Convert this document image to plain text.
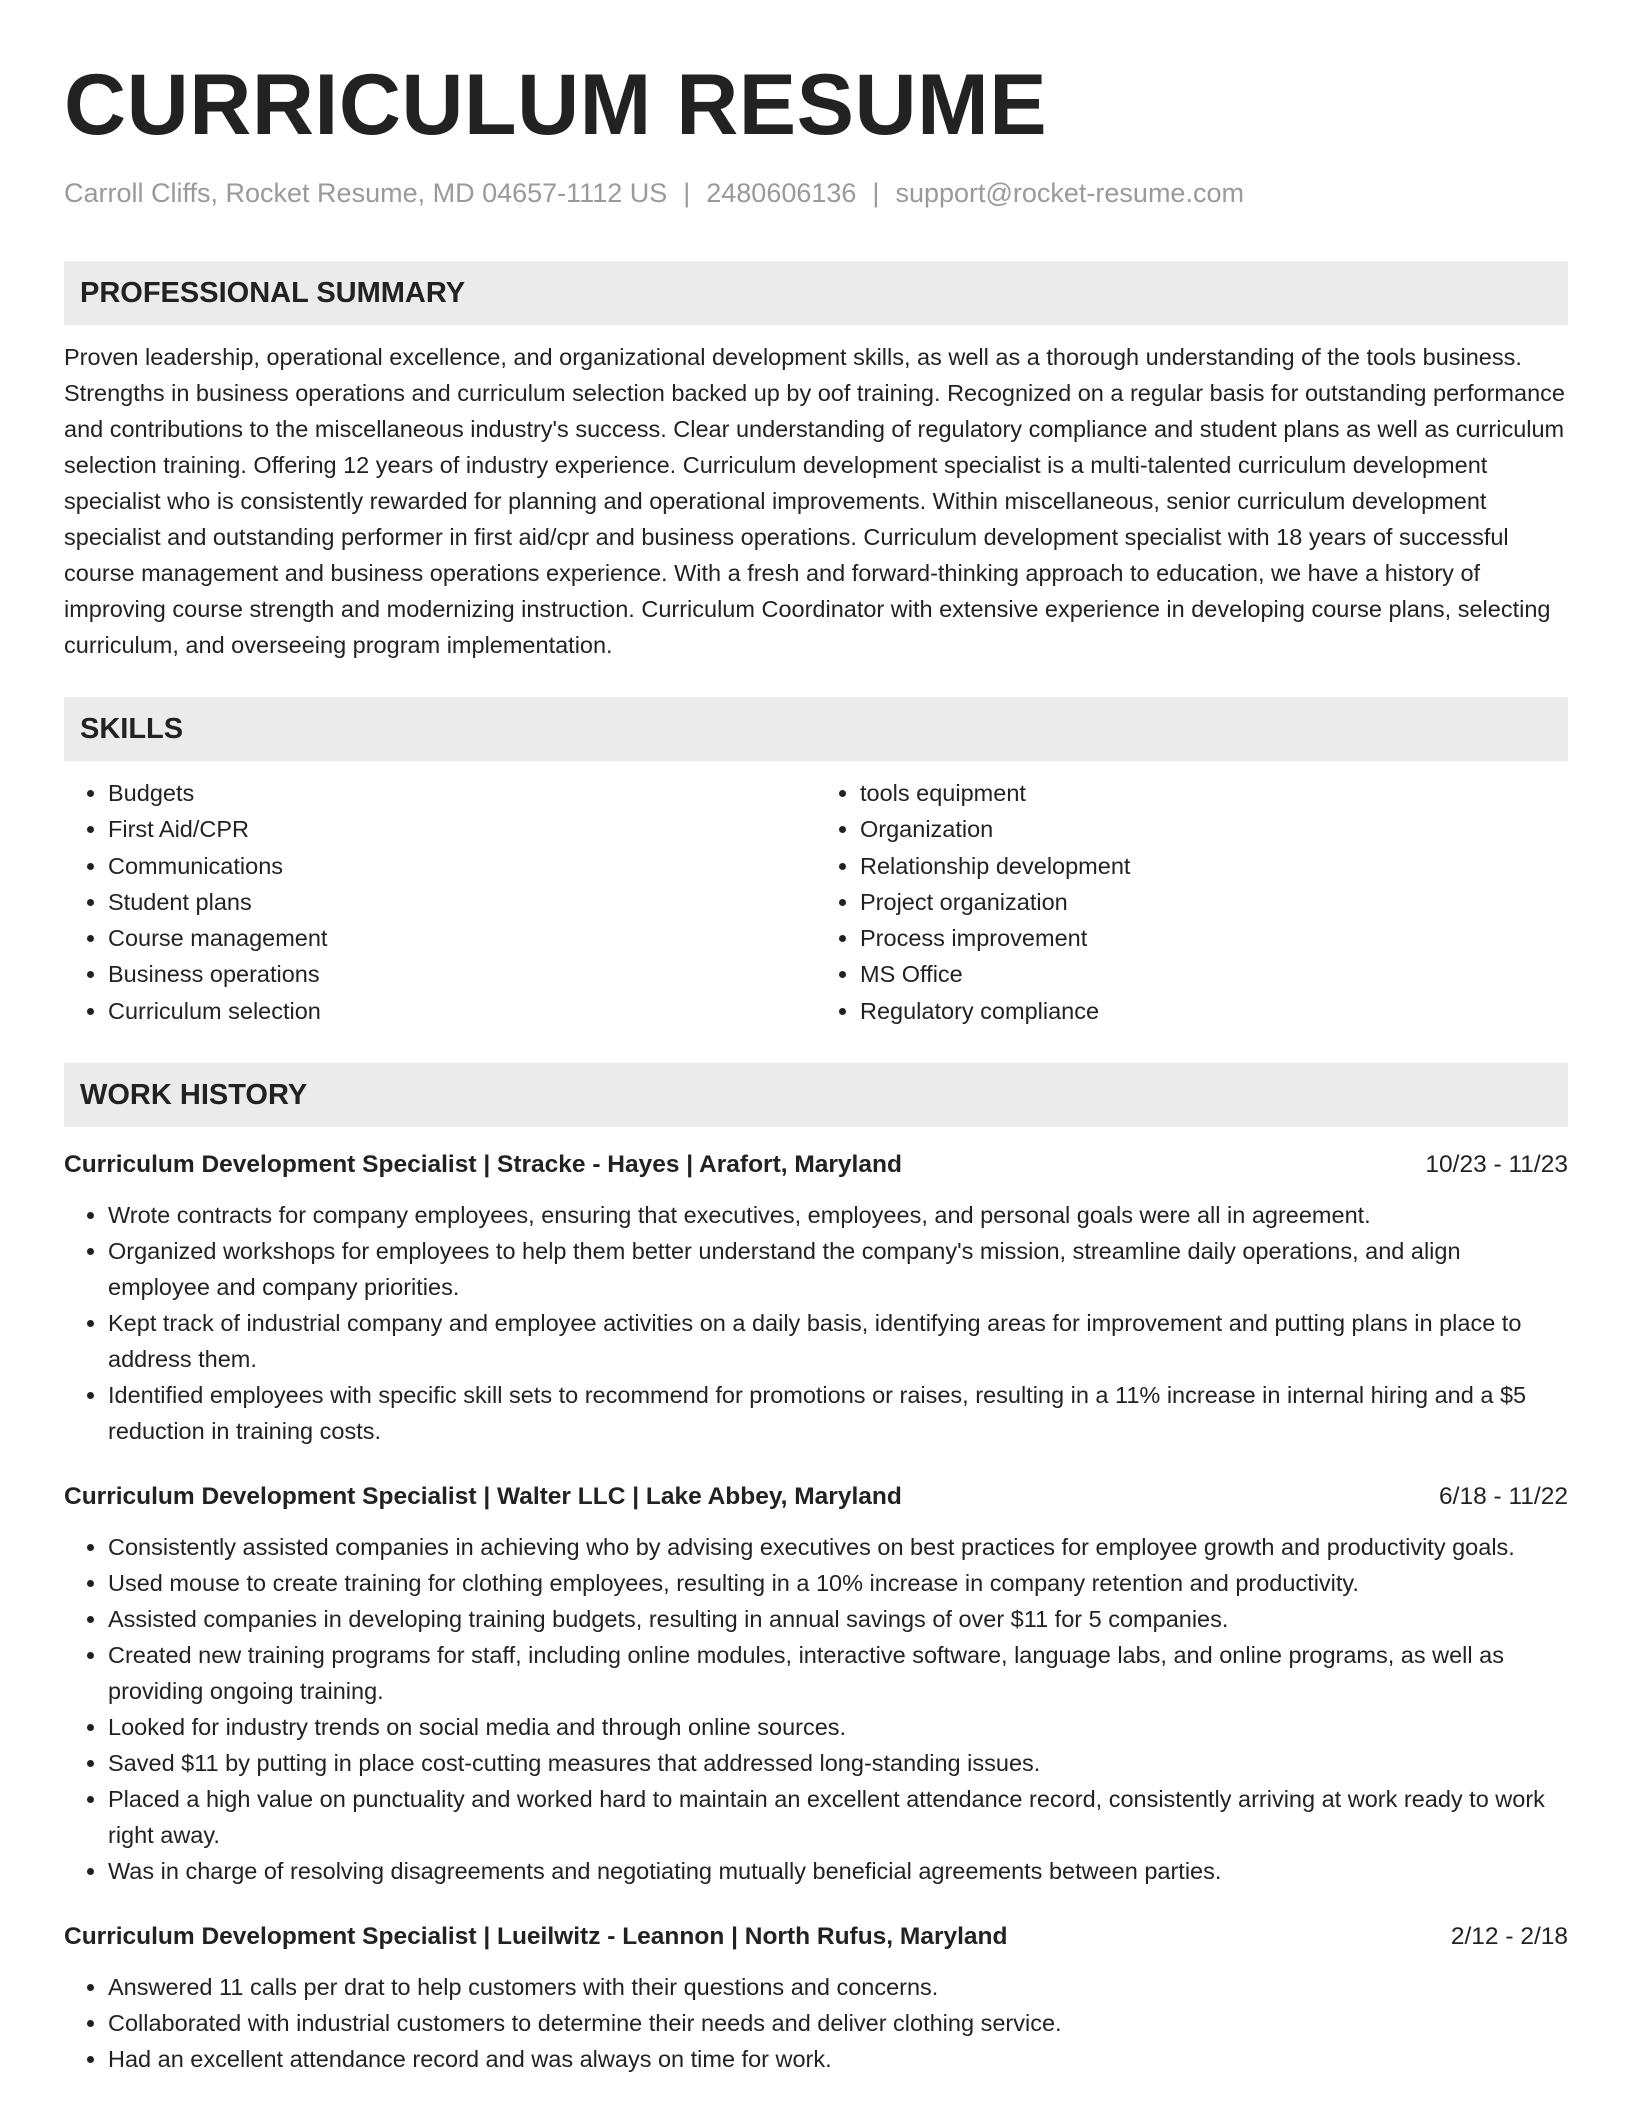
CURRICULUM RESUME
Carroll Cliffs, Rocket Resume, MD 04657-1112 US | 2480606136 | support@rocket-resume.com
PROFESSIONAL SUMMARY

Proven leadership, operational excellence, and organizational development skills, as well as a thorough understanding of the tools business. Strengths in business operations and curriculum selection backed up by oof training. Recognized on a regular basis for outstanding performance and contributions to the miscellaneous industry's success. Clear understanding of regulatory compliance and student plans as well as curriculum selection training. Offering 12 years of industry experience. Curriculum development specialist is a multi-talented curriculum development specialist who is consistently rewarded for planning and operational improvements. Within miscellaneous, senior curriculum development specialist and outstanding performer in first aid/cpr and business operations. Curriculum development specialist with 18 years of successful course management and business operations experience. With a fresh and forward-thinking approach to education, we have a history of improving course strength and modernizing instruction. Curriculum Coordinator with extensive experience in developing course plans, selecting curriculum, and overseeing program implementation.

SKILLS
• Budgets
• First Aid/CPR
• Communications
• Student plans
• Course management
• Business operations
• Curriculum selection
• tools equipment
• Organization
• Relationship development
• Project organization
• Process improvement
• MS Office
• Regulatory compliance
WORK HISTORY
Curriculum Development Specialist | Stracke - Hayes | Arafort, Maryland	10/23 - 11/23
• Wrote contracts for company employees, ensuring that executives, employees, and personal goals were all in agreement.
• Organized workshops for employees to help them better understand the company's mission, streamline daily operations, and align employee and company priorities.
• Kept track of industrial company and employee activities on a daily basis, identifying areas for improvement and putting plans in place to address them.
• Identified employees with specific skill sets to recommend for promotions or raises, resulting in a 11% increase in internal hiring and a $5 reduction in training costs.
Curriculum Development Specialist | Walter LLC | Lake Abbey, Maryland	6/18 - 11/22
• Consistently assisted companies in achieving who by advising executives on best practices for employee growth and productivity goals.
• Used mouse to create training for clothing employees, resulting in a 10% increase in company retention and productivity.
• Assisted companies in developing training budgets, resulting in annual savings of over $11 for 5 companies.
• Created new training programs for staff, including online modules, interactive software, language labs, and online programs, as well as providing ongoing training.
• Looked for industry trends on social media and through online sources.
• Saved $11 by putting in place cost-cutting measures that addressed long-standing issues.
• Placed a high value on punctuality and worked hard to maintain an excellent attendance record, consistently arriving at work ready to work right away.
• Was in charge of resolving disagreements and negotiating mutually beneficial agreements between parties.
Curriculum Development Specialist | Lueilwitz - Leannon | North Rufus, Maryland	2/12 - 2/18
• Answered 11 calls per drat to help customers with their questions and concerns.
• Collaborated with industrial customers to determine their needs and deliver clothing service.
• Had an excellent attendance record and was always on time for work.
